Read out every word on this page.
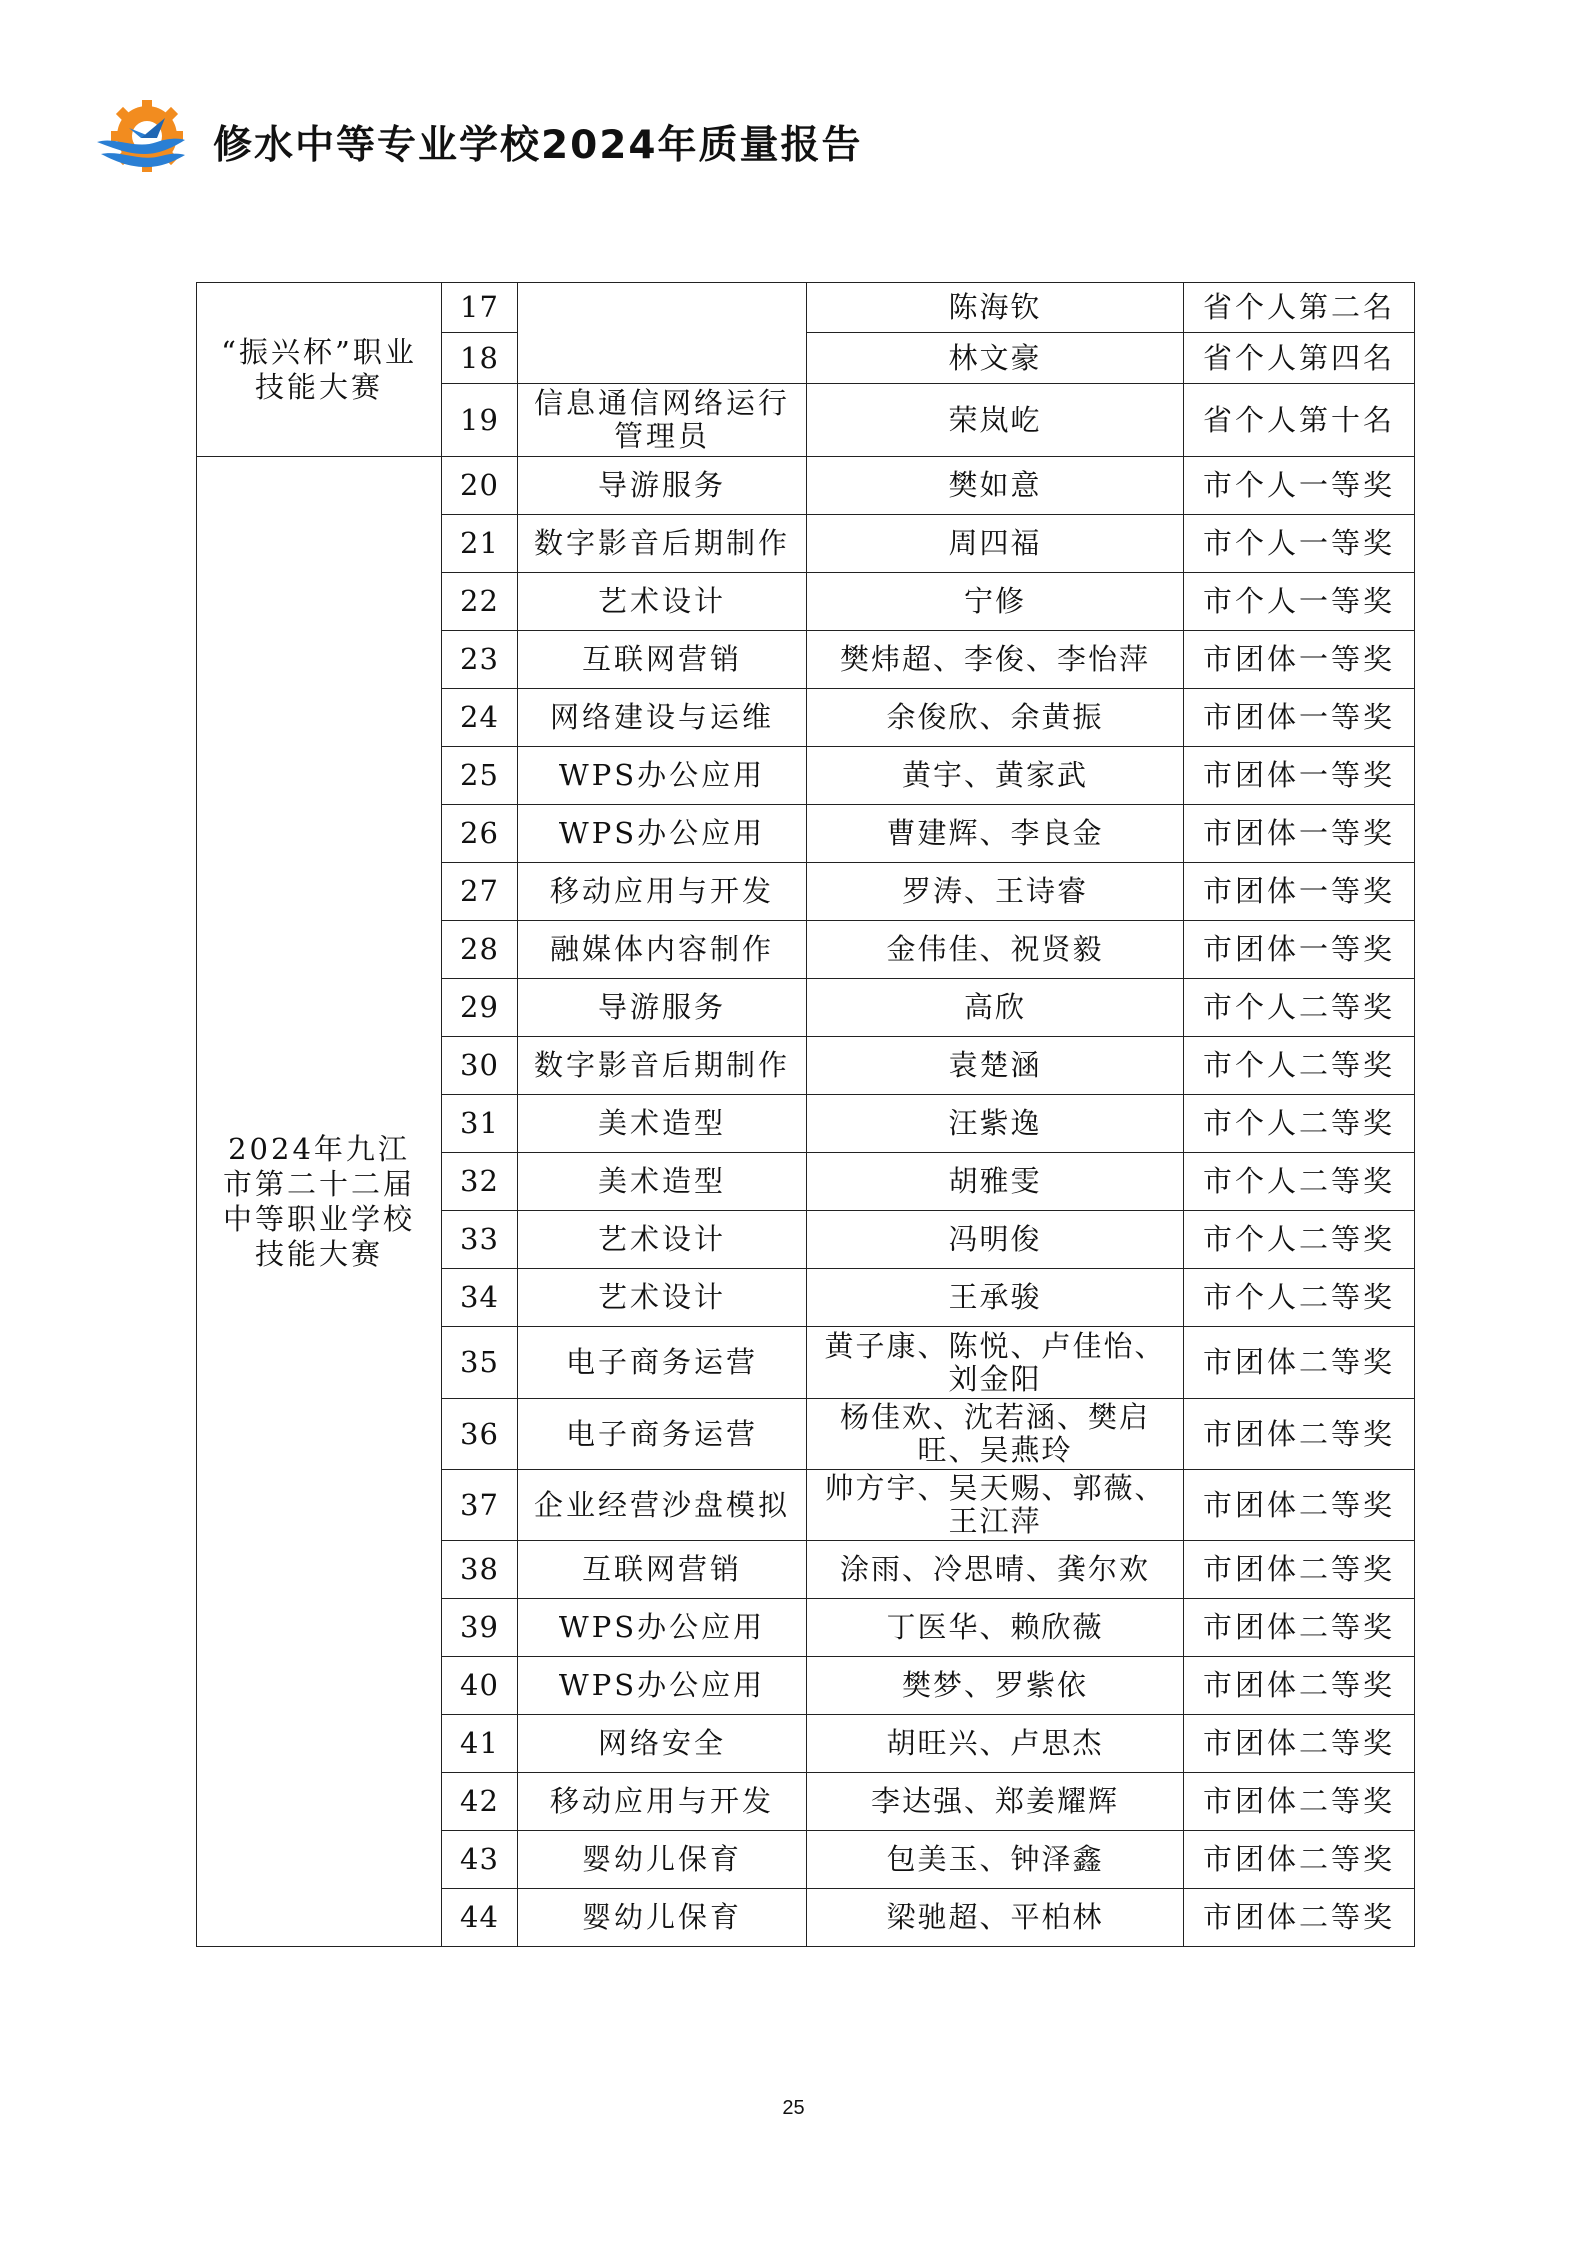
修水中等专业学校2024年质量报告
“振兴杯”职业技能大赛	17		陈海钦	省个人第二名
	18		林文豪	省个人第四名
	19	信息通信网络运行管理员	荣岚屹	省个人第十名
2024年九江市第二十二届中等职业学校技能大赛	20	导游服务	樊如意	市个人一等奖
	21	数字影音后期制作	周四福	市个人一等奖
	22	艺术设计	宁修	市个人一等奖
	23	互联网营销	樊炜超、李俊、李怡萍	市团体一等奖
	24	网络建设与运维	余俊欣、余黄振	市团体一等奖
	25	WPS办公应用	黄宇、黄家武	市团体一等奖
	26	WPS办公应用	曹建辉、李良金	市团体一等奖
	27	移动应用与开发	罗涛、王诗睿	市团体一等奖
	28	融媒体内容制作	金伟佳、祝贤毅	市团体一等奖
	29	导游服务	高欣	市个人二等奖
	30	数字影音后期制作	袁楚涵	市个人二等奖
	31	美术造型	汪紫逸	市个人二等奖
	32	美术造型	胡雅雯	市个人二等奖
	33	艺术设计	冯明俊	市个人二等奖
	34	艺术设计	王承骏	市个人二等奖
	35	电子商务运营	黄子康、陈悦、卢佳怡、刘金阳	市团体二等奖
	36	电子商务运营	杨佳欢、沈若涵、樊启旺、吴燕玲	市团体二等奖
	37	企业经营沙盘模拟	帅方宇、吴天赐、郭薇、王江萍	市团体二等奖
	38	互联网营销	涂雨、冷思晴、龚尔欢	市团体二等奖
	39	WPS办公应用	丁医华、赖欣薇	市团体二等奖
	40	WPS办公应用	樊梦、罗紫依	市团体二等奖
	41	网络安全	胡旺兴、卢思杰	市团体二等奖
	42	移动应用与开发	李达强、郑姜耀辉	市团体二等奖
	43	婴幼儿保育	包美玉、钟泽鑫	市团体二等奖
	44	婴幼儿保育	梁驰超、平柏林	市团体二等奖
25
